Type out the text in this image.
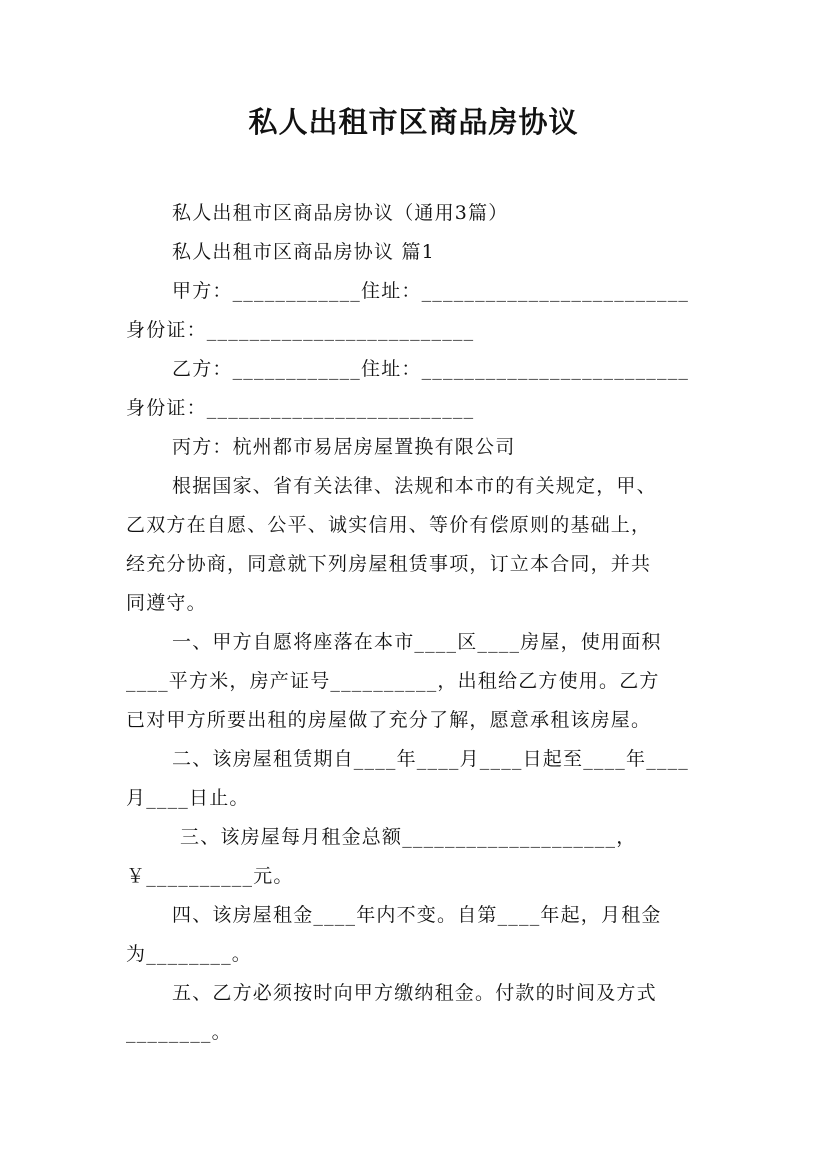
私人出租市区商品房协议

私人出租市区商品房协议（通用3篇）

私人出租市区商品房协议 篇1

甲方：____________住址：_________________________

身份证：_________________________

乙方：____________住址：_________________________

身份证：_________________________

丙方：杭州都市易居房屋置换有限公司

根据国家、省有关法律、法规和本市的有关规定，甲、

乙双方在自愿、公平、诚实信用、等价有偿原则的基础上，

经充分协商，同意就下列房屋租赁事项，订立本合同，并共

同遵守。

一、甲方自愿将座落在本市____区____房屋，使用面积

____平方米，房产证号__________，出租给乙方使用。乙方

已对甲方所要出租的房屋做了充分了解，愿意承租该房屋。

二、该房屋租赁期自____年____月____日起至____年____

月____日止。

三、该房屋每月租金总额____________________，

￥__________元。

四、该房屋租金____年内不变。自第____年起，月租金

为________。

五、乙方必须按时向甲方缴纳租金。付款的时间及方式

________。
